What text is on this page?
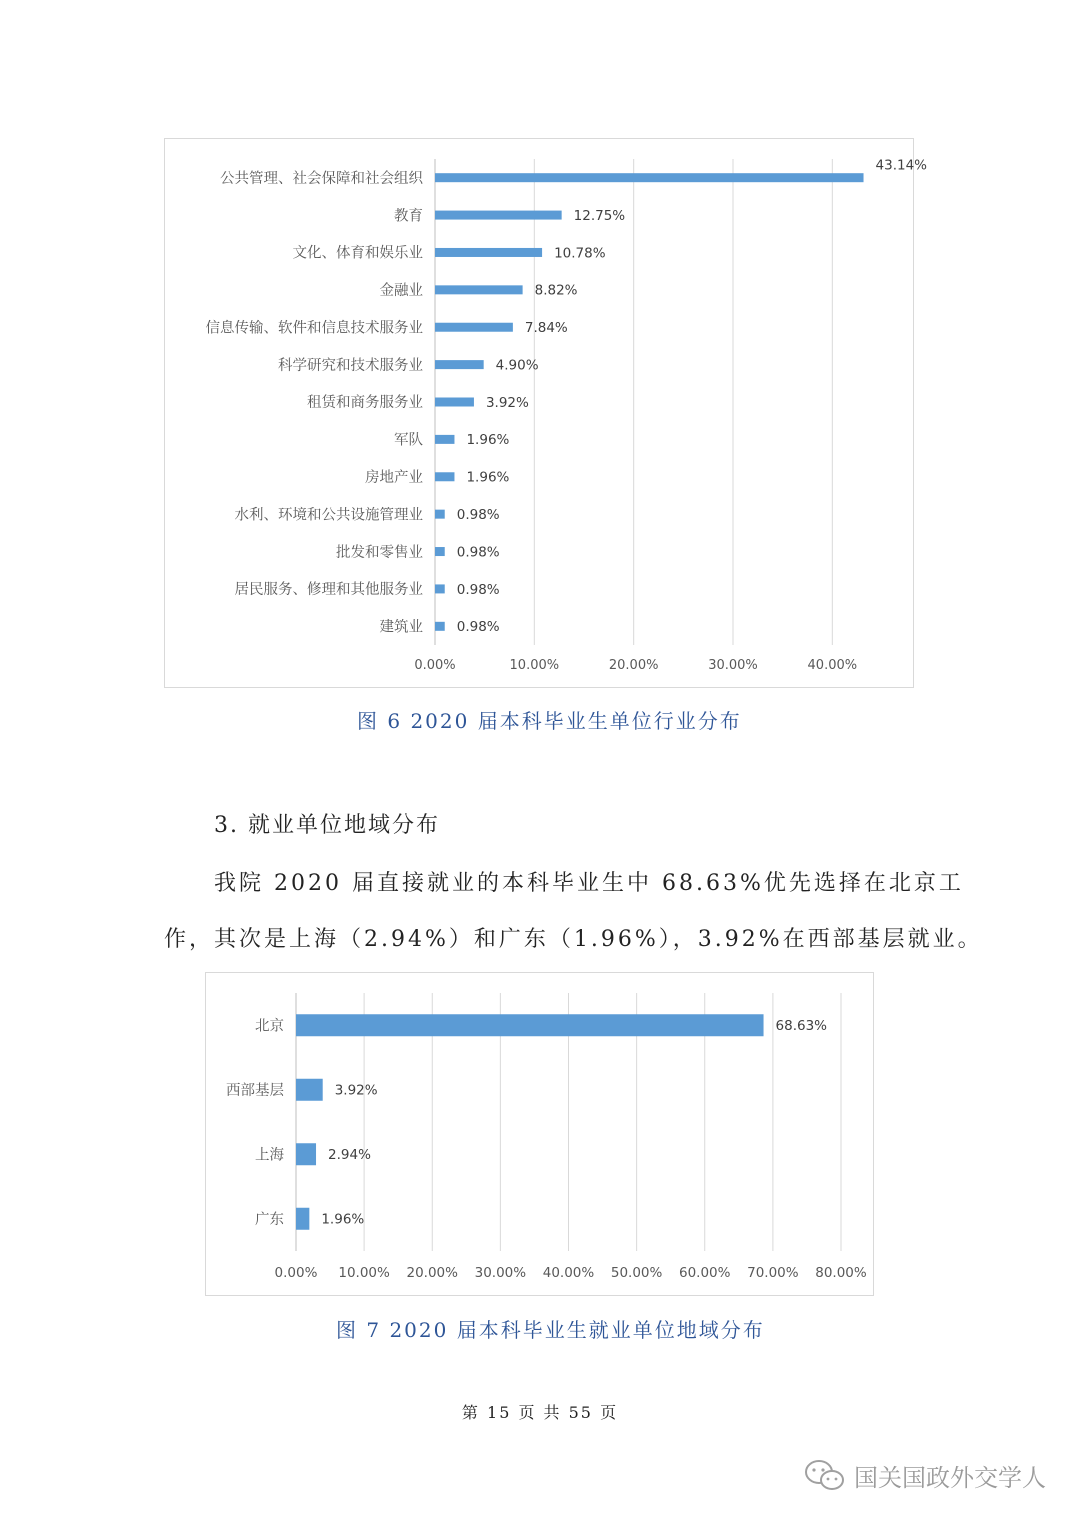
0.00%	10.00%	20.00%	30.00%	40.00%
公共管理、社会保障和社会组织
43.14%
教育	12.75%
文化、体育和娱乐业	10.78%
金融业	8.82%
信息传输、软件和信息技术服务业	7.84%
科学研究和技术服务业	4.90%
租赁和商务服务业	3.92%
军队	1.96%
房地产业	1.96%
水利、环境和公共设施管理业 0.98%
批发和零售业 0.98%
居民服务、修理和其他服务业 0.98%
建筑业 0.98%
图 6 2020 届本科毕业生单位行业分布
3. 就业单位地域分布
我院 2020 届直接就业的本科毕业生中 68.63%优先选择在北京工
作，其次是上海（2.94%）和广东（1.96%），3.92%在西部基层就业。
0.00% 10.00% 20.00% 30.00% 40.00% 50.00% 60.00% 70.00% 80.00%
北京	68.63%
西部基层	3.92%
上海	2.94%
广东	1.96%
图 7 2020 届本科毕业生就业单位地域分布
第 15 页 共 55 页
国关国政外交学人
